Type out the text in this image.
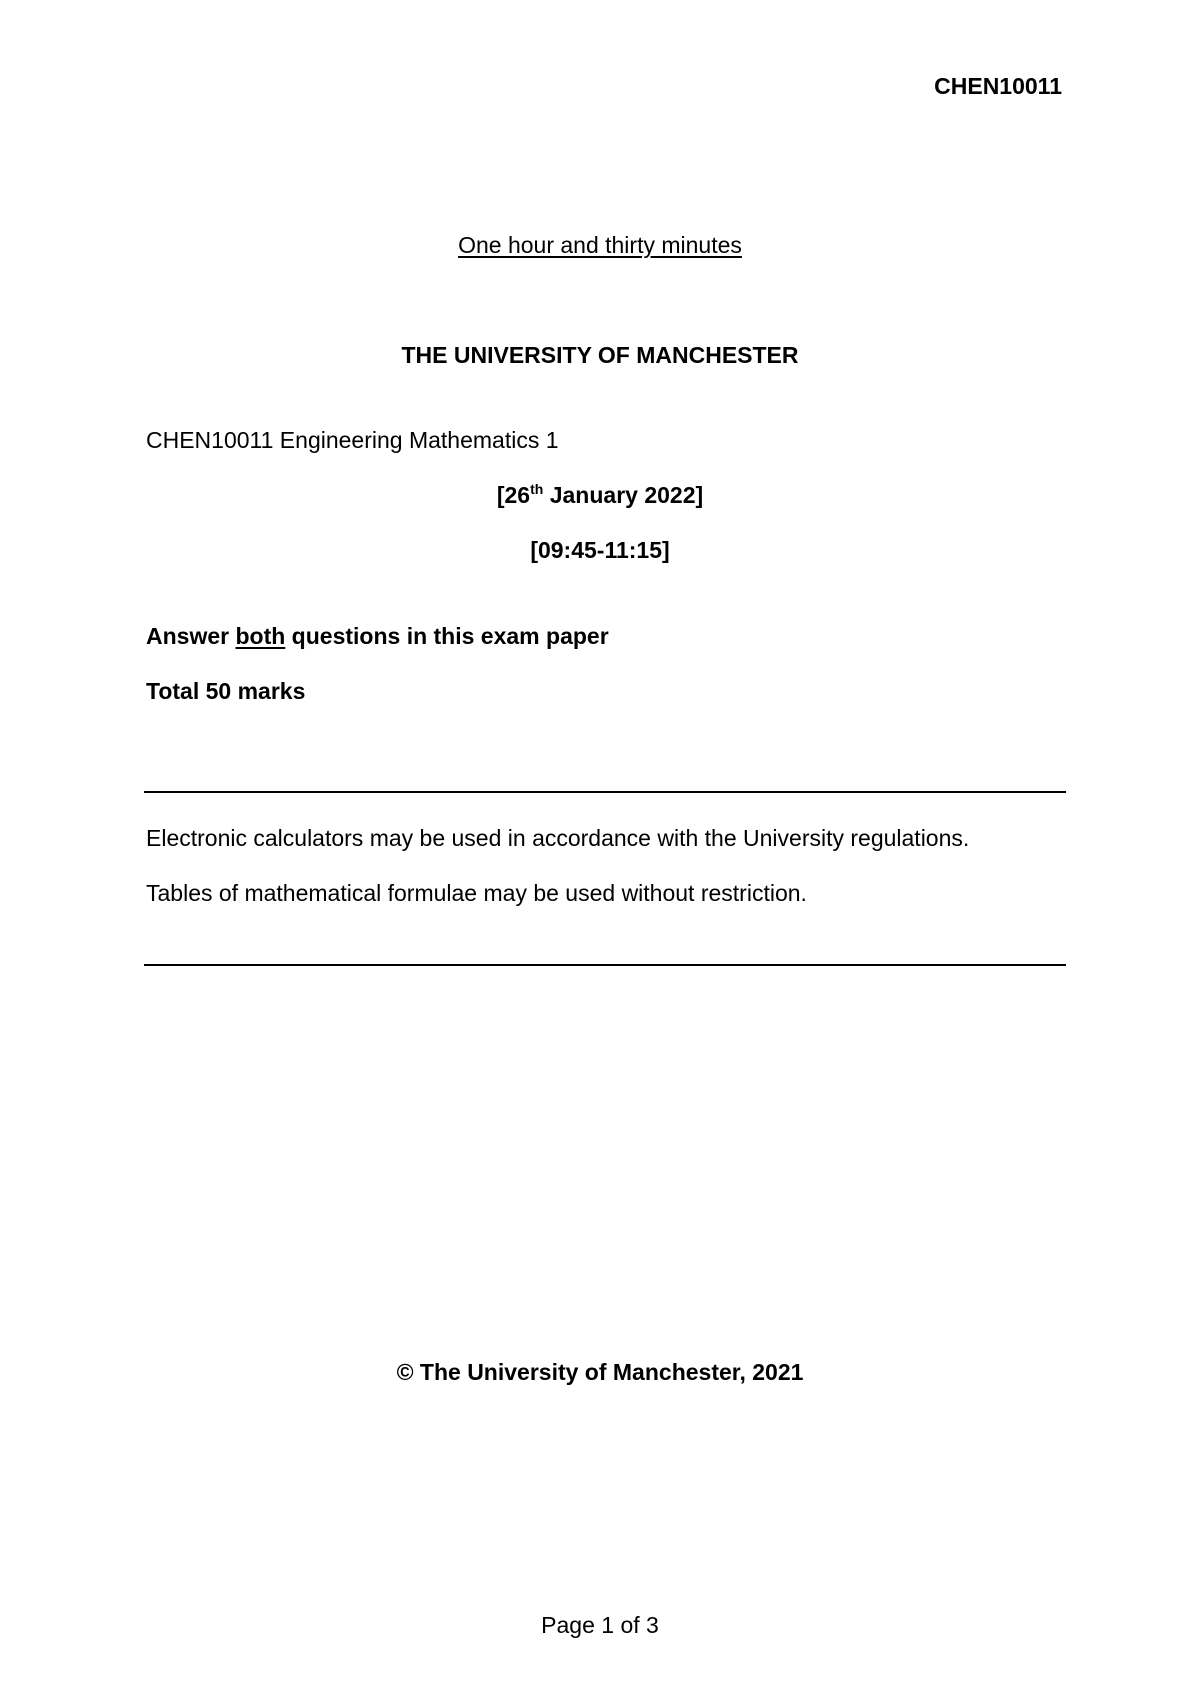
CHEN10011
One hour and thirty minutes
THE UNIVERSITY OF MANCHESTER
CHEN10011 Engineering Mathematics 1
[26th January 2022]
[09:45-11:15]
Answer both questions in this exam paper
Total 50 marks
Electronic calculators may be used in accordance with the University regulations.
Tables of mathematical formulae may be used without restriction.
© The University of Manchester, 2021
Page 1 of 3
